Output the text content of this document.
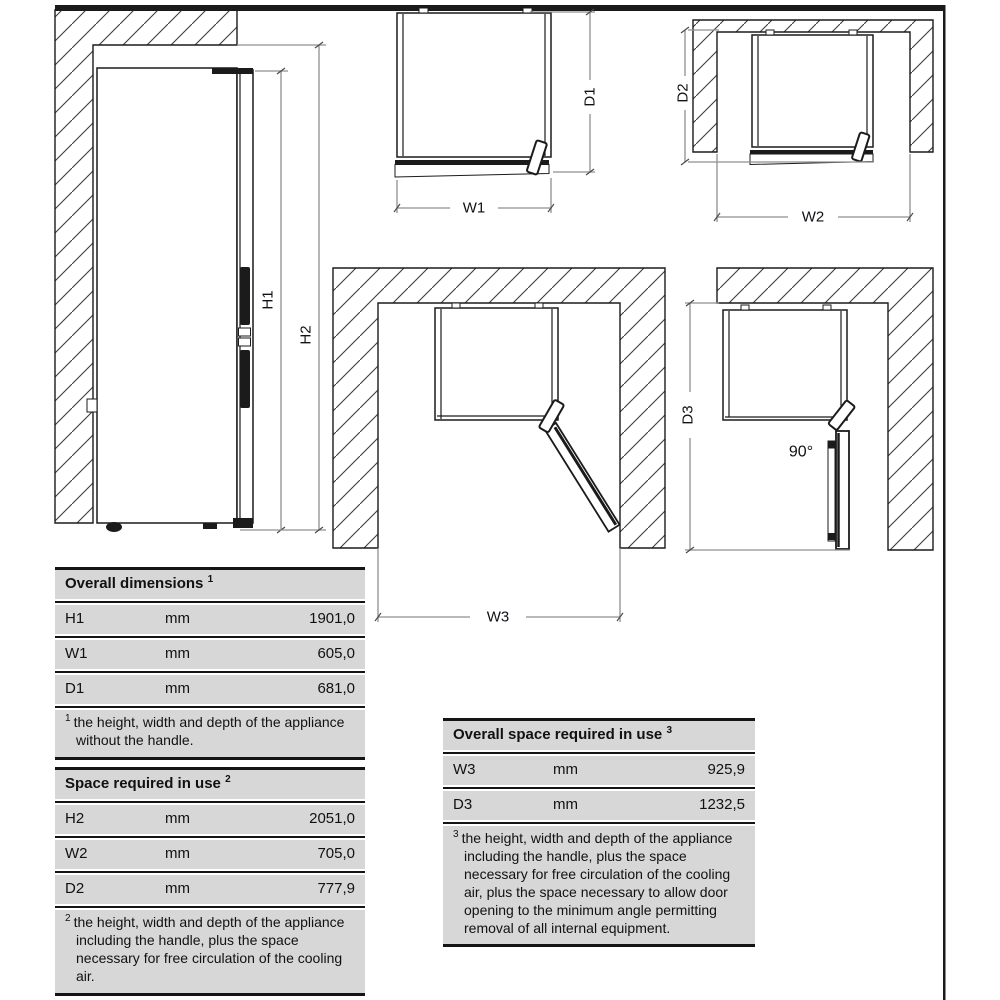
H1
H2
D1
W1
D2
W2
W3
90°
D3
Overall dimensions $^1$
H1	mm	1901,0
W1	mm	605,0
D1	mm	681,0
$^1$ the height, width and depth of the appliance without the handle.
Space required in use $^2$
H2	mm	2051,0
W2	mm	705,0
D2	mm	777,9
$^2$ the height, width and depth of the appliance including the handle, plus the space necessary for free circulation of the cooling air.
Overall space required in use $^3$
W3	mm	925,9
D3	mm	1232,5
$^3$ the height, width and depth of the appliance including the handle, plus the space necessary for free circulation of the cooling air, plus the space necessary to allow door opening to the minimum angle permitting removal of all internal equipment.
